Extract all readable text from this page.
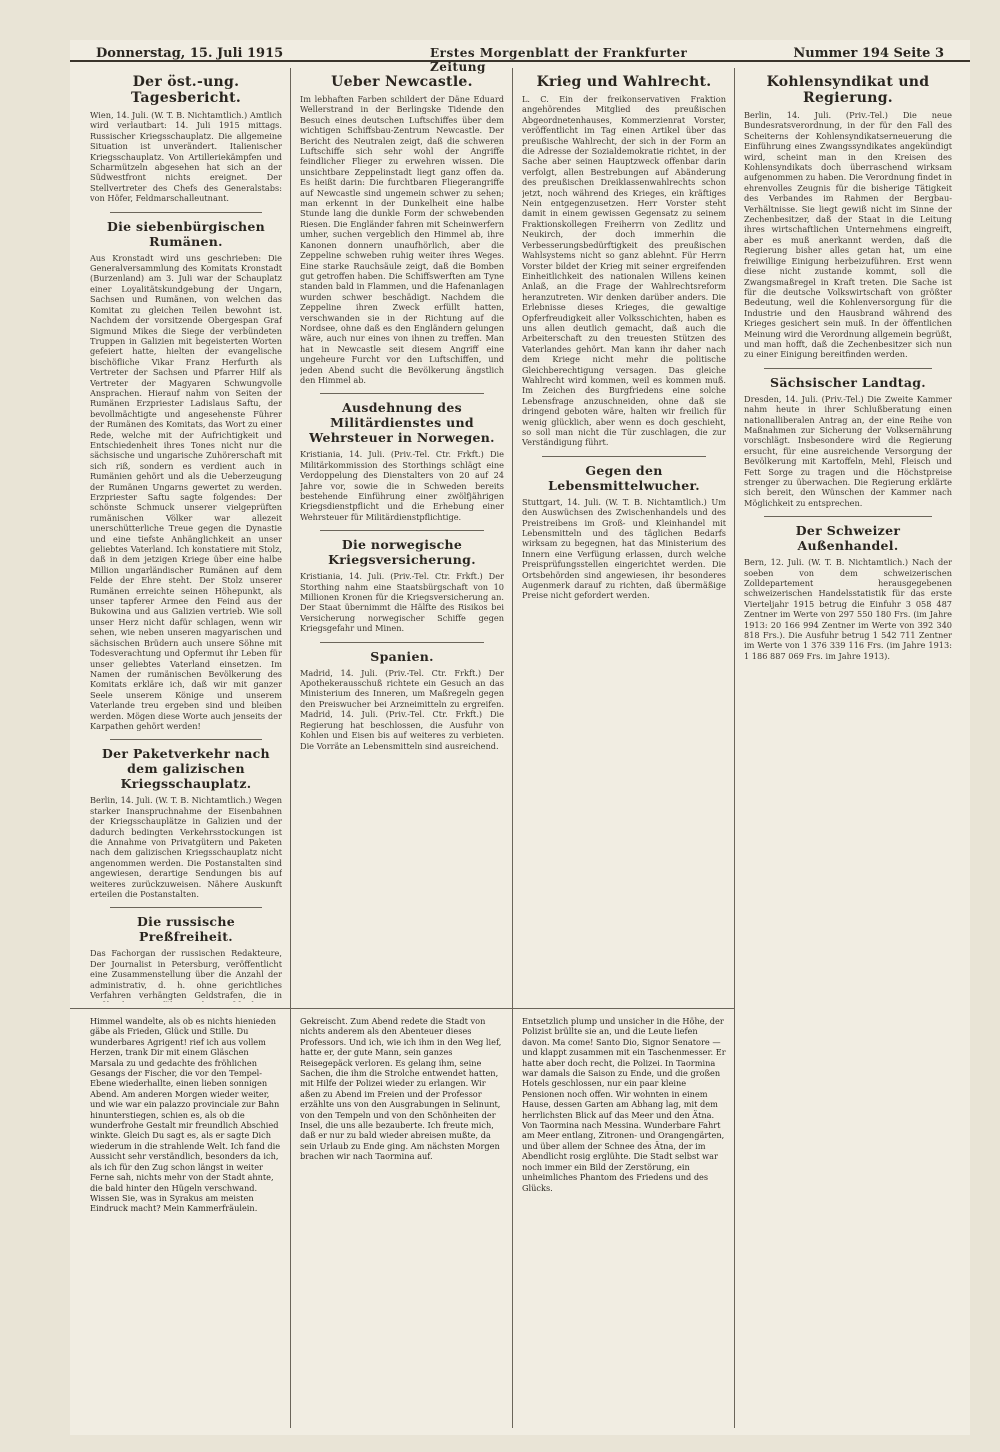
Donnerstag, 15. Juli 1915	Erstes Morgenblatt der Frankfurter Zeitung
Nummer 194 Seite 3
Der öst.-ung. Tagesbericht.

Wien, 14. Juli. (W. T. B. Nichtamtlich.) Amtlich wird verlautbart: 14. Juli 1915 mittags. Russischer Kriegsschauplatz. Die allgemeine Situation ist unverändert. Italienischer Kriegsschauplatz. Von Artilleriekämpfen und Scharmützeln abgesehen hat sich an der Südwestfront nichts ereignet. Der Stellvertreter des Chefs des Generalstabs: von Höfer, Feldmarschalleutnant.

Die siebenbürgischen Rumänen.

Aus Kronstadt wird uns geschrieben: Die Generalversammlung des Komitats Kronstadt (Burzenland) am 3. Juli war der Schauplatz einer Loyalitätskundgebung der Ungarn, Sachsen und Rumänen, von welchen das Komitat zu gleichen Teilen bewohnt ist. Nachdem der vorsitzende Obergespan Graf Sigmund Mikes die Siege der verbündeten Truppen in Galizien mit begeisterten Worten gefeiert hatte, hielten der evangelische bischöfliche Vikar Franz Herfurth als Vertreter der Sachsen und Pfarrer Hilf als Vertreter der Magyaren Schwungvolle Ansprachen. Hierauf nahm von Seiten der Rumänen Erzpriester Ladislaus Saftu, der bevollmächtigte und angesehenste Führer der Rumänen des Komitats, das Wort zu einer Rede, welche mit der Aufrichtigkeit und Entschiedenheit ihres Tones nicht nur die sächsische und ungarische Zuhörerschaft mit sich riß, sondern es verdient auch in Rumänien gehört und als die Ueberzeugung der Rumänen Ungarns gewertet zu werden. Erzpriester Saftu sagte folgendes: Der schönste Schmuck unserer vielgeprüften rumänischen Völker war allezeit unerschütterliche Treue gegen die Dynastie und eine tiefste Anhänglichkeit an unser geliebtes Vaterland. Ich konstatiere mit Stolz, daß in dem jetzigen Kriege über eine halbe Million ungarländischer Rumänen auf dem Felde der Ehre steht. Der Stolz unserer Rumänen erreichte seinen Höhepunkt, als unser tapferer Armee den Feind aus der Bukowina und aus Galizien vertrieb. Wie soll unser Herz nicht dafür schlagen, wenn wir sehen, wie neben unseren magyarischen und sächsischen Brüdern auch unsere Söhne mit Todesverachtung und Opfermut ihr Leben für unser geliebtes Vaterland einsetzen. Im Namen der rumänischen Bevölkerung des Komitats erkläre ich, daß wir mit ganzer Seele unserem Könige und unserem Vaterlande treu ergeben sind und bleiben werden. Mögen diese Worte auch jenseits der Karpathen gehört werden!

Der Paketverkehr nach dem galizischen Kriegsschauplatz.

Berlin, 14. Juli. (W. T. B. Nichtamtlich.) Wegen starker Inanspruchnahme der Eisenbahnen der Kriegsschauplätze in Galizien und der dadurch bedingten Verkehrsstockungen ist die Annahme von Privatgütern und Paketen nach dem galizischen Kriegsschauplatz nicht angenommen werden. Die Postanstalten sind angewiesen, derartige Sendungen bis auf weiteres zurückzuweisen. Nähere Auskunft erteilen die Postanstalten.

Die russische Preßfreiheit.

Das Fachorgan der russischen Redakteure, Der Journalist in Petersburg, veröffentlicht eine Zusammenstellung über die Anzahl der administrativ, d. h. ohne gerichtliches Verfahren verhängten Geldstrafen, die in

Ueber Newcastle.

Im lebhaften Farben schildert der Däne Eduard Wellerstrand in der Berlingske Tidende den Besuch eines deutschen Luftschiffes über dem wichtigen Schiffsbau-Zentrum Newcastle. Der Bericht des Neutralen zeigt, daß die schweren Luftschiffe sich sehr wohl der Angriffe feindlicher Flieger zu erwehren wissen. Die unsichtbare Zeppelinstadt liegt ganz offen da. Es heißt darin: Die furchtbaren Fliegerangriffe auf Newcastle sind ungemein schwer zu sehen; man erkennt in der Dunkelheit eine halbe Stunde lang die dunkle Form der schwebenden Riesen. Die Engländer fahren mit Scheinwerfern umher, suchen vergeblich den Himmel ab, ihre Kanonen donnern unaufhörlich, aber die Zeppeline schweben ruhig weiter ihres Weges. Eine starke Rauchsäule zeigt, daß die Bomben gut getroffen haben. Die Schiffswerften am Tyne standen bald in Flammen, und die Hafenanlagen wurden schwer beschädigt. Nachdem die Zeppeline ihren Zweck erfüllt hatten, verschwanden sie in der Richtung auf die Nordsee, ohne daß es den Engländern gelungen wäre, auch nur eines von ihnen zu treffen. Man hat in Newcastle seit diesem Angriff eine ungeheure Furcht vor den Luftschiffen, und jeden Abend sucht die Bevölkerung ängstlich den Himmel ab.

Ausdehnung des Militärdienstes und Wehrsteuer in Norwegen.

Kristiania, 14. Juli. (Priv.-Tel. Ctr. Frkft.) Die Militärkommission des Storthings schlägt eine Verdoppelung des Dienstalters von 20 auf 24 Jahre vor, sowie die in Schweden bereits bestehende Einführung einer zwölfjährigen Kriegsdienstpflicht und die Erhebung einer Wehrsteuer für Militärdienstpflichtige.

Die norwegische Kriegsversicherung.

Kristiania, 14. Juli. (Priv.-Tel. Ctr. Frkft.) Der Storthing nahm eine Staatsbürgschaft von 10 Millionen Kronen für die Kriegsversicherung an. Der Staat übernimmt die Hälfte des Risikos bei Versicherung norwegischer Schiffe gegen Kriegsgefahr und Minen.

Spanien.

Madrid, 14. Juli. (Priv.-Tel. Ctr. Frkft.) Der Apothekerausschuß richtete ein Gesuch an das Ministerium des Inneren, um Maßregeln gegen den Preiswucher bei Arzneimitteln zu ergreifen. Madrid, 14. Juli. (Priv.-Tel. Ctr. Frkft.) Die Regierung hat beschlossen, die Ausfuhr von Kohlen und Eisen bis auf weiteres zu verbieten. Die Vorräte an Lebensmitteln sind ausreichend.

Krieg und Wahlrecht.

L. C. Ein der freikonservativen Fraktion angehörendes Mitglied des preußischen Abgeordnetenhauses, Kommerzienrat Vorster, veröffentlicht im Tag einen Artikel über das preußische Wahlrecht, der sich in der Form an die Adresse der Sozialdemokratie richtet, in der Sache aber seinen Hauptzweck offenbar darin verfolgt, allen Bestrebungen auf Abänderung des preußischen Dreiklassenwahlrechts schon jetzt, noch während des Krieges, ein kräftiges Nein entgegenzusetzen. Herr Vorster steht damit in einem gewissen Gegensatz zu seinem Fraktionskollegen Freiherrn von Zedlitz und Neukirch, der doch immerhin die Verbesserungsbedürftigkeit des preußischen Wahlsystems nicht so ganz ablehnt. Für Herrn Vorster bildet der Krieg mit seiner ergreifenden Einheitlichkeit des nationalen Willens keinen Anlaß, an die Frage der Wahlrechtsreform heranzutreten. Wir denken darüber anders. Die Erlebnisse dieses Krieges, die gewaltige Opferfreudigkeit aller Volksschichten, haben es uns allen deutlich gemacht, daß auch die Arbeiterschaft zu den treuesten Stützen des Vaterlandes gehört. Man kann ihr daher nach dem Kriege nicht mehr die politische Gleichberechtigung versagen. Das gleiche Wahlrecht wird kommen, weil es kommen muß. Im Zeichen des Burgfriedens eine solche Lebensfrage anzuschneiden, ohne daß sie dringend geboten wäre, halten wir freilich für wenig glücklich, aber wenn es doch geschieht, so soll man nicht die Tür zuschlagen, die zur Verständigung führt.

Gegen den Lebensmittelwucher.

Stuttgart, 14. Juli. (W. T. B. Nichtamtlich.) Um den Auswüchsen des Zwischenhandels und des Preistreibens im Groß- und Kleinhandel mit Lebensmitteln und des täglichen Bedarfs wirksam zu begegnen, hat das Ministerium des Innern eine Verfügung erlassen, durch welche Preisprüfungsstellen eingerichtet werden. Die Ortsbehörden sind angewiesen, ihr besonderes Augenmerk darauf zu richten, daß übermäßige Preise nicht gefordert werden.

Kohlensyndikat und Regierung.

Berlin, 14. Juli. (Priv.-Tel.) Die neue Bundesratsverordnung, in der für den Fall des Scheiterns der Kohlensyndikatserneuerung die Einführung eines Zwangssyndikates angekündigt wird, scheint man in den Kreisen des Kohlensyndikats doch überraschend wirksam aufgenommen zu haben. Die Verordnung findet in ehrenvolles Zeugnis für die bisherige Tätigkeit des Verbandes im Rahmen der Bergbau-Verhältnisse. Sie liegt gewiß nicht im Sinne der Zechenbesitzer, daß der Staat in die Leitung ihres wirtschaftlichen Unternehmens eingreift, aber es muß anerkannt werden, daß die Regierung bisher alles getan hat, um eine freiwillige Einigung herbeizuführen. Erst wenn diese nicht zustande kommt, soll die Zwangsmaßregel in Kraft treten. Die Sache ist für die deutsche Volkswirtschaft von größter Bedeutung, weil die Kohlenversorgung für die Industrie und den Hausbrand während des Krieges gesichert sein muß. In der öffentlichen Meinung wird die Verordnung allgemein begrüßt, und man hofft, daß die Zechenbesitzer sich nun zu einer Einigung bereitfinden werden.

Sächsischer Landtag.

Dresden, 14. Juli. (Priv.-Tel.) Die Zweite Kammer nahm heute in ihrer Schlußberatung einen nationalliberalen Antrag an, der eine Reihe von Maßnahmen zur Sicherung der Volksernährung vorschlägt. Insbesondere wird die Regierung ersucht, für eine ausreichende Versorgung der Bevölkerung mit Kartoffeln, Mehl, Fleisch und Fett Sorge zu tragen und die Höchstpreise strenger zu überwachen. Die Regierung erklärte sich bereit, den Wünschen der Kammer nach Möglichkeit zu entsprechen.

Der Schweizer Außenhandel.

Bern, 12. Juli. (W. T. B. Nichtamtlich.) Nach der soeben von dem schweizerischen Zolldepartement herausgegebenen schweizerischen Handelsstatistik für das erste Vierteljahr 1915 betrug die Einfuhr 3 058 487 Zentner im Werte von 297 550 180 Frs. (im Jahre 1913: 20 166 994 Zentner im Werte von 392 340 818 Frs.). Die Ausfuhr betrug 1 542 711 Zentner im Werte von 1 376 339 116 Frs. (im Jahre 1913: 1 186 887 069 Frs. im Jahre 1913).

Himmel wandelte, als ob es nichts hienieden gäbe als Frieden, Glück und Stille. Du wunderbares Agrigent! rief ich aus vollem Herzen, trank Dir mit einem Gläschen Marsala zu und gedachte des fröhlichen Gesangs der Fischer, die vor den Tempel-Ebene wiederhallte, einen lieben sonnigen Abend. Am anderen Morgen wieder weiter, und wie war ein palazzo provinciale zur Bahn hinunterstiegen, schien es, als ob die wunderfrohe Gestalt mir freundlich Abschied winkte. Gleich Du sagt es, als er sagte Dich wiederum in die strahlende Welt. Ich fand die Aussicht sehr verständlich, besonders da ich, als ich für den Zug schon längst in weiter Ferne sah, nichts mehr von der Stadt ahnte, die bald hinter den Hügeln verschwand. Wissen Sie, was in Syrakus am meisten Eindruck macht? Mein Kammerfräulein.

Gekreischt. Zum Abend redete die Stadt von nichts anderem als den Abenteuer dieses Professors. Und ich, wie ich ihm in den Weg lief, hatte er, der gute Mann, sein ganzes Reisegepäck verloren. Es gelang ihm, seine Sachen, die ihm die Strolche entwendet hatten, mit Hilfe der Polizei wieder zu erlangen. Wir aßen zu Abend im Freien und der Professor erzählte uns von den Ausgrabungen in Selinunt, von den Tempeln und von den Schönheiten der Insel, die uns alle bezauberte. Ich freute mich, daß er nur zu bald wieder abreisen mußte, da sein Urlaub zu Ende ging. Am nächsten Morgen brachen wir nach Taormina auf.

Entsetzlich plump und unsicher in die Höhe, der Polizist brüllte sie an, und die Leute liefen davon. Ma come! Santo Dio, Signor Senatore — und klappt zusammen mit ein Taschenmesser. Er hatte aber doch recht, die Polizei. In Taormina war damals die Saison zu Ende, und die großen Hotels geschlossen, nur ein paar kleine Pensionen noch offen. Wir wohnten in einem Hause, dessen Garten am Abhang lag, mit dem herrlichsten Blick auf das Meer und den Ätna. Von Taormina nach Messina. Wunderbare Fahrt am Meer entlang, Zitronen- und Orangengärten, und über allem der Schnee des Ätna, der im Abendlicht rosig erglühte. Die Stadt selbst war noch immer ein Bild der Zerstörung, ein unheimliches Phantom des Friedens und des Glücks.
